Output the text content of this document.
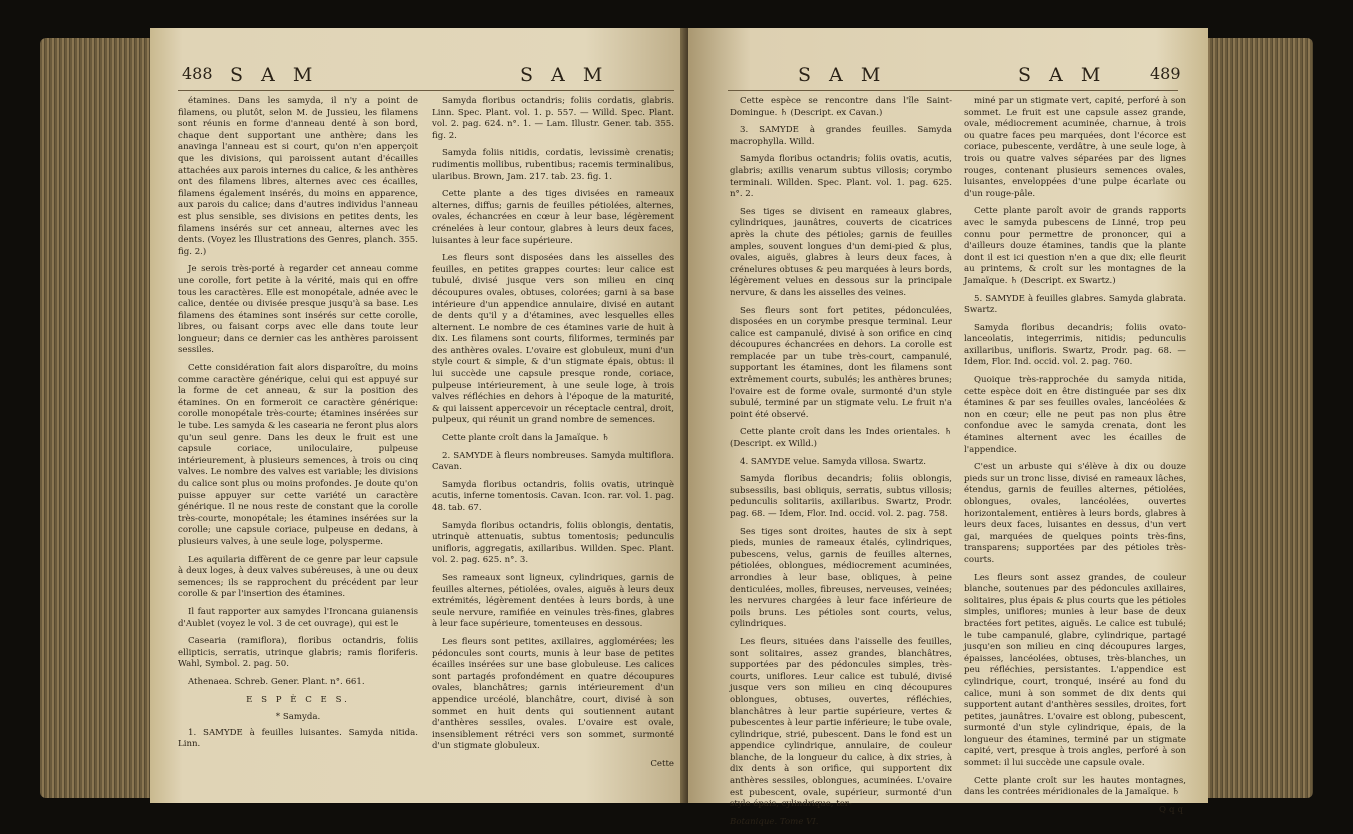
488 S A M	S A M

étamines. Dans les samyda, il n'y a point de filamens, ou plutôt, selon M. de Jussieu, les filamens sont réunis en forme d'anneau denté à son bord, chaque dent supportant une anthère; dans les anavinga l'anneau est si court, qu'on n'en apperçoit que les divisions, qui paroissent autant d'écailles attachées aux parois internes du calice, & les anthères ont des filamens libres, alternes avec ces écailles, filamens également insérés, du moins en apparence, aux parois du calice; dans d'autres individus l'anneau est plus sensible, ses divisions en petites dents, les filamens insérés sur cet anneau, alternes avec les dents. (Voyez les Illustrations des Genres, planch. 355. fig. 2.)

Je serois très-porté à regarder cet anneau comme une corolle, fort petite à la vérité, mais qui en offre tous les caractères. Elle est monopétale, adnée avec le calice, dentée ou divisée presque jusqu'à sa base. Les filamens des étamines sont insérés sur cette corolle, libres, ou faisant corps avec elle dans toute leur longueur; dans ce dernier cas les anthères paroissent sessiles.

Cette considération fait alors disparoître, du moins comme caractère générique, celui qui est appuyé sur la forme de cet anneau, & sur la position des étamines. On en formeroit ce caractère générique: corolle monopétale très-courte; étamines insérées sur le tube. Les samyda & les casearia ne feront plus alors qu'un seul genre. Dans les deux le fruit est une capsule coriace, uniloculaire, pulpeuse intérieurement, à plusieurs semences, à trois ou cinq valves. Le nombre des valves est variable; les divisions du calice sont plus ou moins profondes. Je doute qu'on puisse appuyer sur cette variété un caractère générique. Il ne nous reste de constant que la corolle très-courte, monopétale; les étamines insérées sur la corolle; une capsule coriace, pulpeuse en dedans, à plusieurs valves, à une seule loge, polysperme.

Les aquilaria diffèrent de ce genre par leur capsule à deux loges, à deux valves subéreuses, à une ou deux semences; ils se rapprochent du précédent par leur corolle & par l'insertion des étamines.

Il faut rapporter aux samydes l'Ironcana guianensis d'Aublet (voyez le vol. 3 de cet ouvrage), qui est le

Casearia (ramiflora), floribus octandris, foliis ellipticis, serratis, utrinque glabris; ramis floriferis. Wahl, Symbol. 2. pag. 50.

Athenaea. Schreb. Gener. Plant. n°. 661.

E S P È C E S.

* Samyda.

1. SAMYDE à feuilles luisantes. Samyda nitida. Linn.

Samyda floribus octandris; foliis cordatis, glabris. Linn. Spec. Plant. vol. 1. p. 557. — Willd. Spec. Plant. vol. 2. pag. 624. n°. 1. — Lam. Illustr. Gener. tab. 355. fig. 2.

Samyda foliis nitidis, cordatis, levissimè crenatis; rudimentis mollibus, rubentibus; racemis terminalibus, ularibus. Brown, Jam. 217. tab. 23. fig. 1.

Cette plante a des tiges divisées en rameaux alternes, diffus; garnis de feuilles pétiolées, alternes, ovales, échancrées en cœur à leur base, légèrement crénelées à leur contour, glabres à leurs deux faces, luisantes à leur face supérieure.

Les fleurs sont disposées dans les aisselles des feuilles, en petites grappes courtes: leur calice est tubulé, divisé jusque vers son milieu en cinq découpures ovales, obtuses, colorées; garni à sa base intérieure d'un appendice annulaire, divisé en autant de dents qu'il y a d'étamines, avec lesquelles elles alternent. Le nombre de ces étamines varie de huit à dix. Les filamens sont courts, filiformes, terminés par des anthères ovales. L'ovaire est globuleux, muni d'un style court & simple, & d'un stigmate épais, obtus: il lui succède une capsule presque ronde, coriace, pulpeuse intérieurement, à une seule loge, à trois valves réfléchies en dehors à l'époque de la maturité, & qui laissent appercevoir un réceptacle central, droit, pulpeux, qui réunit un grand nombre de semences.

Cette plante croît dans la Jamaïque. ♄

2. SAMYDE à fleurs nombreuses. Samyda multiflora. Cavan.

Samyda floribus octandris, foliis ovatis, utrinquè acutis, inferne tomentosis. Cavan. Icon. rar. vol. 1. pag. 48. tab. 67.

Samyda floribus octandris, foliis oblongis, dentatis, utrinquè attenuatis, subtus tomentosis; pedunculis unifloris, aggregatis, axillaribus. Willden. Spec. Plant. vol. 2. pag. 625. n°. 3.

Ses rameaux sont ligneux, cylindriques, garnis de feuilles alternes, pétiolées, ovales, aiguës à leurs deux extrémités, légèrement dentées à leurs bords, à une seule nervure, ramifiée en veinules très-fines, glabres à leur face supérieure, tomenteuses en dessous.

Les fleurs sont petites, axillaires, agglomérées; les pédoncules sont courts, munis à leur base de petites écailles insérées sur une base globuleuse. Les calices sont partagés profondément en quatre découpures ovales, blanchâtres; garnis intérieurement d'un appendice urcéolé, blanchâtre, court, divisé à son sommet en huit dents qui soutiennent autant d'anthères sessiles, ovales. L'ovaire est ovale, insensiblement rétréci vers son sommet, surmonté d'un stigmate globuleux.

Cette

S A M	S A M	489

Cette espèce se rencontre dans l'île Saint-Domingue. ♄ (Descript. ex Cavan.)

3. SAMYDE à grandes feuilles. Samyda macrophylla. Willd.

Samyda floribus octandris; foliis ovatis, acutis, glabris; axillis venarum subtus villosis; corymbo terminali. Willden. Spec. Plant. vol. 1. pag. 625. n°. 2.

Ses tiges se divisent en rameaux glabres, cylindriques, jaunâtres, couverts de cicatrices après la chute des pétioles; garnis de feuilles amples, souvent longues d'un demi-pied & plus, ovales, aiguës, glabres à leurs deux faces, à crénelures obtuses & peu marquées à leurs bords, légèrement velues en dessous sur la principale nervure, & dans les aisselles des veines.

Ses fleurs sont fort petites, pédonculées, disposées en un corymbe presque terminal. Leur calice est campanulé, divisé à son orifice en cinq découpures échancrées en dehors. La corolle est remplacée par un tube très-court, campanulé, supportant les étamines, dont les filamens sont extrêmement courts, subulés; les anthères brunes; l'ovaire est de forme ovale, surmonté d'un style subulé, terminé par un stigmate velu. Le fruit n'a point été observé.

Cette plante croît dans les Indes orientales. ♄ (Descript. ex Willd.)

4. SAMYDE velue. Samyda villosa. Swartz.

Samyda floribus decandris; foliis oblongis, subsessilis, basi obliquis, serratis, subtus villosis; pedunculis solitariis, axillaribus. Swartz, Prodr. pag. 68. — Idem, Flor. Ind. occid. vol. 2. pag. 758.

Ses tiges sont droites, hautes de six à sept pieds, munies de rameaux étalés, cylindriques, pubescens, velus, garnis de feuilles alternes, pétiolées, oblongues, médiocrement acuminées, arrondies à leur base, obliques, à peine denticulées, molles, fibreuses, nerveuses, veinées; les nervures chargées à leur face inférieure de poils bruns. Les pétioles sont courts, velus, cylindriques.

Les fleurs, situées dans l'aisselle des feuilles, sont solitaires, assez grandes, blanchâtres, supportées par des pédoncules simples, très-courts, uniflores. Leur calice est tubulé, divisé jusque vers son milieu en cinq découpures oblongues, obtuses, ouvertes, réfléchies, blanchâtres à leur partie supérieure, vertes & pubescentes à leur partie inférieure; le tube ovale, cylindrique, strié, pubescent. Dans le fond est un appendice cylindrique, annulaire, de couleur blanche, de la longueur du calice, à dix stries, à dix dents à son orifice, qui supportent dix anthères sessiles, oblongues, acuminées. L'ovaire est pubescent, ovale, supérieur, surmonté d'un style épais, cylindrique, ter-

Botanique. Tome VI.

miné par un stigmate vert, capité, perforé à son sommet. Le fruit est une capsule assez grande, ovale, médiocrement acuminée, charnue, à trois ou quatre faces peu marquées, dont l'écorce est coriace, pubescente, verdâtre, à une seule loge, à trois ou quatre valves séparées par des lignes rouges, contenant plusieurs semences ovales, luisantes, enveloppées d'une pulpe écarlate ou d'un rouge-pâle.

Cette plante paroît avoir de grands rapports avec le samyda pubescens de Linné, trop peu connu pour permettre de prononcer, qui a d'ailleurs douze étamines, tandis que la plante dont il est ici question n'en a que dix; elle fleurit au printems, & croît sur les montagnes de la Jamaïque. ♄ (Descript. ex Swartz.)

5. SAMYDE à feuilles glabres. Samyda glabrata. Swartz.

Samyda floribus decandris; foliis ovato-lanceolatis, integerrimis, nitidis; pedunculis axillaribus, unifloris. Swartz, Prodr. pag. 68. — Idem, Flor. Ind. occid. vol. 2. pag. 760.

Quoique très-rapprochée du samyda nitida, cette espèce doit en être distinguée par ses dix étamines & par ses feuilles ovales, lancéolées & non en cœur; elle ne peut pas non plus être confondue avec le samyda crenata, dont les étamines alternent avec les écailles de l'appendice.

C'est un arbuste qui s'élève à dix ou douze pieds sur un tronc lisse, divisé en rameaux lâches, étendus, garnis de feuilles alternes, pétiolées, oblongues, ovales, lancéolées, ouvertes horizontalement, entières à leurs bords, glabres à leurs deux faces, luisantes en dessus, d'un vert gai, marquées de quelques points très-fins, transparens; supportées par des pétioles très-courts.

Les fleurs sont assez grandes, de couleur blanche, soutenues par des pédoncules axillaires, solitaires, plus épais & plus courts que les pétioles simples, uniflores; munies à leur base de deux bractées fort petites, aiguës. Le calice est tubulé; le tube campanulé, glabre, cylindrique, partagé jusqu'en son milieu en cinq découpures larges, épaisses, lancéolées, obtuses, très-blanches, un peu réfléchies, persistantes. L'appendice est cylindrique, court, tronqué, inséré au fond du calice, muni à son sommet de dix dents qui supportent autant d'anthères sessiles, droites, fort petites, jaunâtres. L'ovaire est oblong, pubescent, surmonté d'un style cylindrique, épais, de la longueur des étamines, terminé par un stigmate capité, vert, presque à trois angles, perforé à son sommet: il lui succède une capsule ovale.

Cette plante croît sur les hautes montagnes, dans les contrées méridionales de la Jamaïque. ♄

Qqq
